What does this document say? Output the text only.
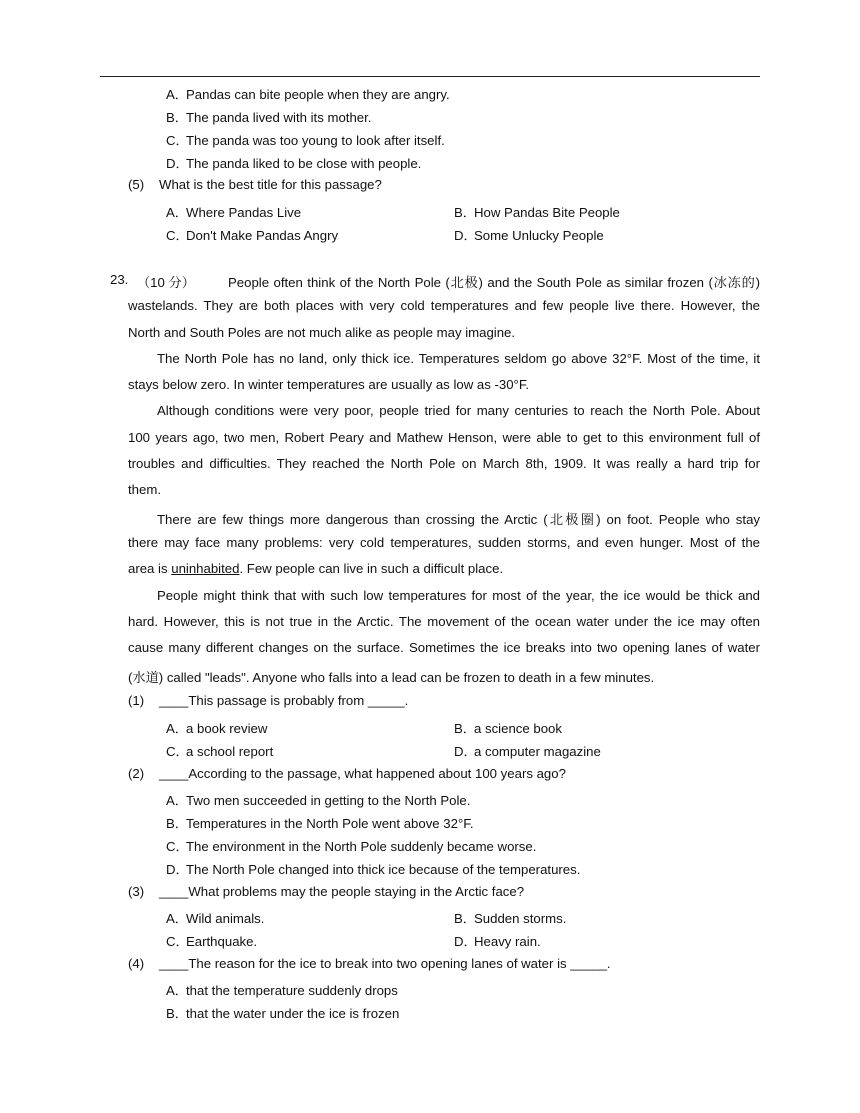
A．Pandas can bite people when they are angry.
B．The panda lived with its mother.
C．The panda was too young to look after itself.
D．The panda liked to be close with people.
(5) What is the best title for this passage?
A．Where Pandas Live	B．How Pandas Bite People
C．Don't Make Pandas Angry	D．Some Unlucky People
23. （10 分）	People often think of the North Pole (北极) and the South Pole as similar frozen (冰冻的)
wastelands. They are both places with very cold temperatures and few people live there. However, the
North and South Poles are not much alike as people may imagine.
The North Pole has no land, only thick ice. Temperatures seldom go above 32°F. Most of the time, it
stays below zero. In winter temperatures are usually as low as -30°F.
Although conditions were very poor, people tried for many centuries to reach the North Pole. About
100 years ago, two men, Robert Peary and Mathew Henson, were able to get to this environment full of
troubles and difficulties. They reached the North Pole on March 8th, 1909. It was really a hard trip for
them.
There are few things more dangerous than crossing the Arctic (北极圈) on foot. People who stay
there may face many problems: very cold temperatures, sudden storms, and even hunger. Most of the
area is uninhabited. Few people can live in such a difficult place.
People might think that with such low temperatures for most of the year, the ice would be thick and
hard. However, this is not true in the Arctic. The movement of the ocean water under the ice may often
cause many different changes on the surface. Sometimes the ice breaks into two opening lanes of water
(水道) called "leads". Anyone who falls into a lead can be frozen to death in a few minutes.
(1) ____This passage is probably from _____.
A．a book review	B．a science book
C．a school report	D．a computer magazine
(2) ____According to the passage, what happened about 100 years ago?
A．Two men succeeded in getting to the North Pole.
B．Temperatures in the North Pole went above 32°F.
C．The environment in the North Pole suddenly became worse.
D．The North Pole changed into thick ice because of the temperatures.
(3) ____What problems may the people staying in the Arctic face?
A．Wild animals.	B．Sudden storms.
C．Earthquake.	D．Heavy rain.
(4) ____The reason for the ice to break into two opening lanes of water is _____.
A．that the temperature suddenly drops
B．that the water under the ice is frozen
